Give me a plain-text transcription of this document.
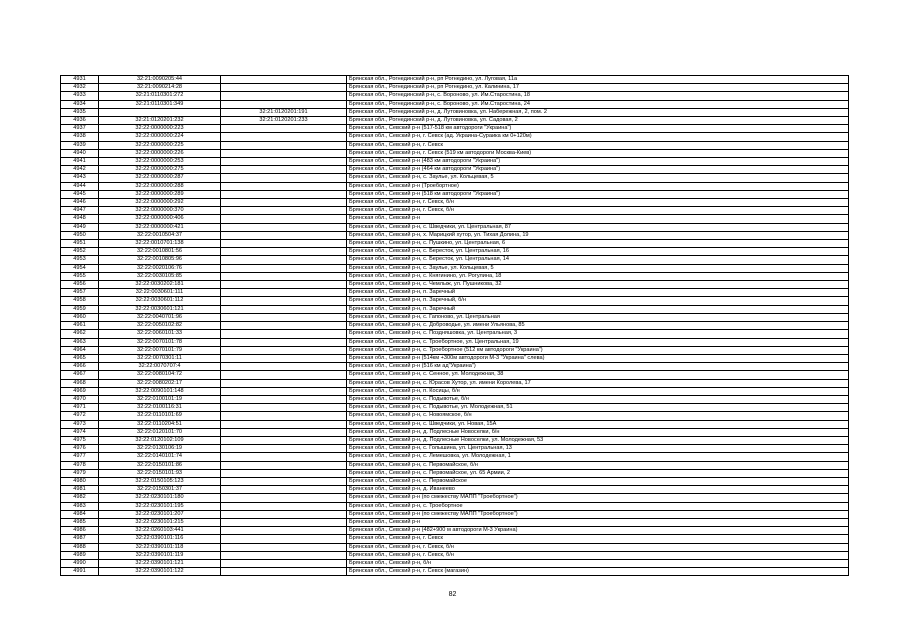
4931	32:21:0090205:44		Брянская обл., Рогнединский р-н, рп Рогнедино, ул. Луговая, 11а
4932	32:21:0090214:28		Брянская обл., Рогнединский р-н, рп Рогнедино, ул. Калинина, 17
4933	32:21:0110301:272		Брянская обл., Рогнединский р-н, с. Вороново, ул. Им.Старостина, 18
4934	32:21:0110301:349		Брянская обл., Рогнединский р-н, с. Вороново, ул. Им.Старостина, 24
4935		32:21:0120201:191	Брянская обл., Рогнединский р-н, д. Лутовиновка, ул. Набережная, 2, пом. 2
4936	32:21:0120201:232	32:21:0120201:233	Брянская обл., Рогнединский р-н, д. Лутовиновка, ул. Садовая, 2
4937	32:22:0000000:223		Брянская обл., Севский р-н (517-518 км автодороги "Украина")
4938	32:22:0000000:224		Брянская обл., Севский р-н, г. Севск (ад. Украина-Сураика км 0+120м)
4939	32:22:0000000:225		Брянская обл., Севский р-н, г. Севск
4940	32:22:0000000:226		Брянская обл., Севский р-н, г. Севск (519 км автодороги Москва-Киев)
4941	32:22:0000000:253		Брянская обл., Севский р-н (483 км автодороги "Украина")
4942	32:22:0000000:275		Брянская обл., Севский р-н (464 км автодороги "Украина")
4943	32:22:0000000:287		Брянская обл., Севский р-н, с. Заулье, ул. Кольцевая, 5
4944	32:22:0000000:288		Брянская обл., Севский р-н (Троебортное)
4945	32:22:0000000:289		Брянская обл., Севский р-н (518 км автодороги "Украина")
4946	32:22:0000000:292		Брянская обл., Севский р-н, г. Севск, б/н
4947	32:22:0000000:370		Брянская обл., Севский р-н, г. Севск, б/н
4948	32:22:0000000:406		Брянская обл., Севский р-н
4949	32:22:0000000:421		Брянская обл., Севский р-н, с. Шведчики, ул. Центральная, 87
4950	32:22:0010504:37		Брянская обл., Севский р-н, х. Марицкий хутор, ул. Тихая Долина, 19
4951	32:22:0010701:138		Брянская обл., Севский р-н, с. Пушкино, ул. Центральная, 6
4952	32:22:0010801:56		Брянская обл., Севский р-н, с. Береcток, ул. Центральная, 16
4953	32:22:0010805:96		Брянская обл., Севский р-н, с. Береcток, ул. Центральная, 14
4954	32:22:0020106:76		Брянская обл., Севский р-н, с. Заулье, ул. Кольцевая, 5
4955	32:22:0030105:85		Брянская обл., Севский р-н, с. Княгинино, ул. Рогулина, 18
4956	32:22:0030202:181		Брянская обл., Севский р-н, с. Чемлыж, ул. Пушникова, 32
4957	32:22:0030601:111		Брянская обл., Севский р-н, п. Заречный
4958	32:22:0030601:112		Брянская обл., Севский р-н, п. Заречный, б/н
4959	32:22:0030601:121		Брянская обл., Севский р-н, п. Заречный
4960	32:22:0040701:96		Брянская обл., Севский р-н, с. Гапоново, ул. Центральная
4961	32:22:0050102:82		Брянская обл., Севский р-н, с. Доброводье, ул. имени Ульянова, 85
4962	32:22:0060101:33		Брянская обл., Севский р-н, с. Поздняшовка, ул. Центральная, 3
4963	32:22:0070101:78		Брянская обл., Севский р-н, с. Троебортное, ул. Центральная, 19
4964	32:22:0070101:79		Брянская обл., Севский р-н, с. Троебортное (512 км автодороги "Украина")
4965	32:22:0070301:11		Брянская обл., Севский р-н (514км +300м автодороги М-3 "Украина" слева)
4966	32:22:0070707:4		Брянская обл., Севский р-н (516 км ад"Украина")
4967	32:22:0080104:72		Брянская обл., Севский р-н, с. Сенное, ул. Молодежная, 38
4968	32:22:0080202:17		Брянская обл., Севский р-н, с. Юрасов Хутор, ул. имени Королева, 17
4969	32:22:0090101:148		Брянская обл., Севский р-н, п. Косицы, б/н
4970	32:22:0100101:19		Брянская обл., Севский р-н, с. Подывотье, б/н
4971	32:22:0100116:31		Брянская обл., Севский р-н, с. Подывотье, ул. Молодежная, 51
4972	32:22:0110101:69		Брянская обл., Севский р-н, с. Новоямское, б/н
4973	32:22:0110204:51		Брянская обл., Севский р-н, с. Шведчики, ул. Новая, 15А
4974	32:22:0120101:70		Брянская обл., Севский р-н, д. Подлесные Новоселки, б/н
4975	32:22:0120102:109		Брянская обл., Севский р-н, д. Подлесные Новоселки, ул. Молодежная, 53
4976	32:22:0130106:19		Брянская обл., Севский р-н, с. Голышина, ул. Центральная, 13
4977	32:22:0140101:74		Брянская обл., Севский р-н, с. Лемешовка, ул. Молодежная, 1
4978	32:22:0150101:86		Брянская обл., Севский р-н, с. Первомайское, б/н
4979	32:22:0150101:93		Брянская обл., Севский р-н, с. Первомайское, ул. 65 Армии, 2
4980	32:22:0150105:123		Брянская обл., Севский р-н, с. Первомайское
4981	32:22:0150301:37		Брянская обл., Севский р-н, д. Иванеево
4982	32:22:0230101:180		Брянская обл., Севский р-н (по смежеству МАПП "Троебортное")
4983	32:22:0230101:195		Брянская обл., Севский р-н, с. Троебортное
4984	32:22:0230101:207		Брянская обл., Севский р-н (по смежеству МАПП "Троебортное")
4985	32:22:0230101:215		Брянская обл., Севский р-н
4986	32:22:0260103:441		Брянская обл., Севский р-н (482+900 м автодороги М-3 Украина)
4987	32:22:0390101:116		Брянская обл., Севский р-н, г. Севск
4988	32:22:0390101:118		Брянская обл., Севский р-н, г. Севск, б/н
4989	32:22:0390101:119		Брянская обл., Севский р-н, г. Севск, б/н
4990	32:22:0390101:121		Брянская обл., Севский р-н, б/н
4991	32:22:0390101:122		Брянская обл., Севский р-н, г. Севск (магазин)
82
